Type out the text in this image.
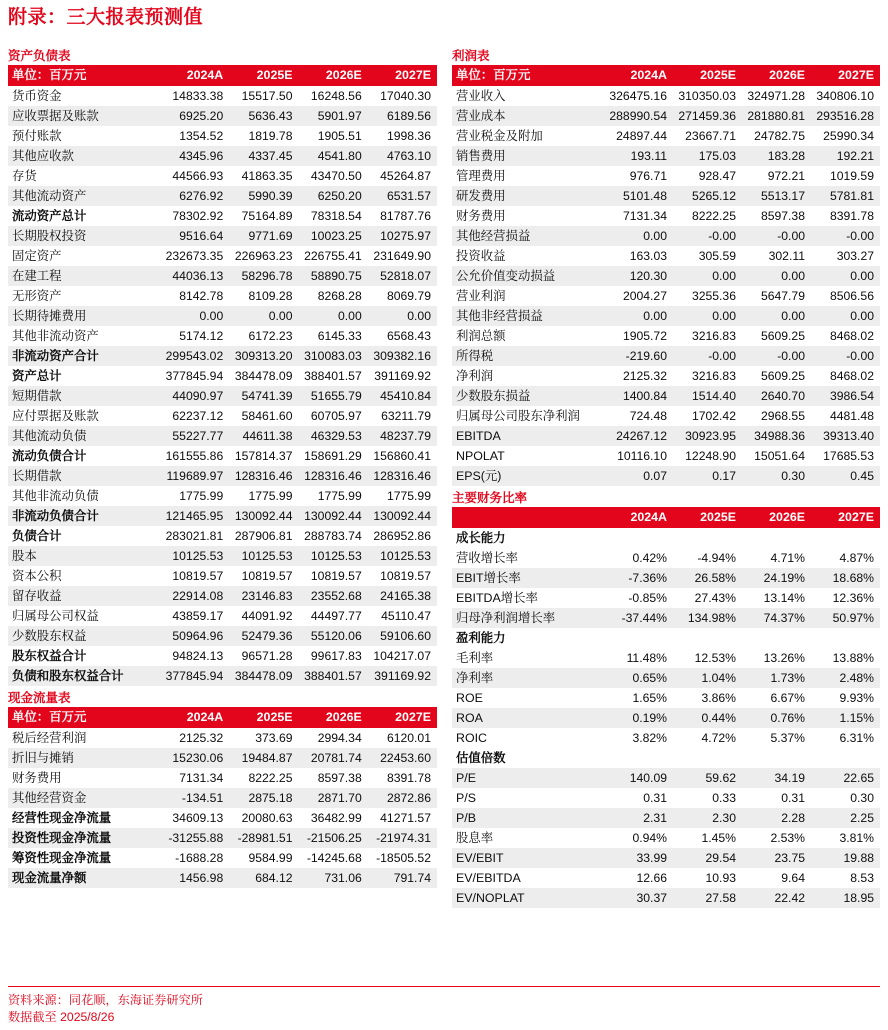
附录：三大报表预测值
资产负债表
单位：百万元	2024A	2025E	2026E	2027E
货币资金	14833.38	15517.50	16248.56	17040.30
应收票据及账款	6925.20	5636.43	5901.97	6189.56
预付账款	1354.52	1819.78	1905.51	1998.36
其他应收款	4345.96	4337.45	4541.80	4763.10
存货	44566.93	41863.35	43470.50	45264.87
其他流动资产	6276.92	5990.39	6250.20	6531.57
流动资产总计	78302.92	75164.89	78318.54	81787.76
长期股权投资	9516.64	9771.69	10023.25	10275.97
固定资产	232673.35	226963.23	226755.41	231649.90
在建工程	44036.13	58296.78	58890.75	52818.07
无形资产	8142.78	8109.28	8268.28	8069.79
长期待摊费用	0.00	0.00	0.00	0.00
其他非流动资产	5174.12	6172.23	6145.33	6568.43
非流动资产合计	299543.02	309313.20	310083.03	309382.16
资产总计	377845.94	384478.09	388401.57	391169.92
短期借款	44090.97	54741.39	51655.79	45410.84
应付票据及账款	62237.12	58461.60	60705.97	63211.79
其他流动负债	55227.77	44611.38	46329.53	48237.79
流动负债合计	161555.86	157814.37	158691.29	156860.41
长期借款	119689.97	128316.46	128316.46	128316.46
其他非流动负债	1775.99	1775.99	1775.99	1775.99
非流动负债合计	121465.95	130092.44	130092.44	130092.44
负债合计	283021.81	287906.81	288783.74	286952.86
股本	10125.53	10125.53	10125.53	10125.53
资本公积	10819.57	10819.57	10819.57	10819.57
留存收益	22914.08	23146.83	23552.68	24165.38
归属母公司权益	43859.17	44091.92	44497.77	45110.47
少数股东权益	50964.96	52479.36	55120.06	59106.60
股东权益合计	94824.13	96571.28	99617.83	104217.07
负债和股东权益合计	377845.94	384478.09	388401.57	391169.92
现金流量表
单位：百万元	2024A	2025E	2026E	2027E
税后经营利润	2125.32	373.69	2994.34	6120.01
折旧与摊销	15230.06	19484.87	20781.74	22453.60
财务费用	7131.34	8222.25	8597.38	8391.78
其他经营资金	-134.51	2875.18	2871.70	2872.86
经营性现金净流量	34609.13	20080.63	36482.99	41271.57
投资性现金净流量	-31255.88	-28981.51	-21506.25	-21974.31
筹资性现金净流量	-1688.28	9584.99	-14245.68	-18505.52
现金流量净额	1456.98	684.12	731.06	791.74
利润表
单位：百万元	2024A	2025E	2026E	2027E
营业收入	326475.16	310350.03	324971.28	340806.10
营业成本	288990.54	271459.36	281880.81	293516.28
营业税金及附加	24897.44	23667.71	24782.75	25990.34
销售费用	193.11	175.03	183.28	192.21
管理费用	976.71	928.47	972.21	1019.59
研发费用	5101.48	5265.12	5513.17	5781.81
财务费用	7131.34	8222.25	8597.38	8391.78
其他经营损益	0.00	-0.00	-0.00	-0.00
投资收益	163.03	305.59	302.11	303.27
公允价值变动损益	120.30	0.00	0.00	0.00
营业利润	2004.27	3255.36	5647.79	8506.56
其他非经营损益	0.00	0.00	0.00	0.00
利润总额	1905.72	3216.83	5609.25	8468.02
所得税	-219.60	-0.00	-0.00	-0.00
净利润	2125.32	3216.83	5609.25	8468.02
少数股东损益	1400.84	1514.40	2640.70	3986.54
归属母公司股东净利润	724.48	1702.42	2968.55	4481.48
EBITDA	24267.12	30923.95	34988.36	39313.40
NPOLAT	10116.10	12248.90	15051.64	17685.53
EPS(元)	0.07	0.17	0.30	0.45
主要财务比率
	2024A	2025E	2026E	2027E
成长能力				
营收增长率	0.42%	-4.94%	4.71%	4.87%
EBIT增长率	-7.36%	26.58%	24.19%	18.68%
EBITDA增长率	-0.85%	27.43%	13.14%	12.36%
归母净利润增长率	-37.44%	134.98%	74.37%	50.97%
盈利能力				
毛利率	11.48%	12.53%	13.26%	13.88%
净利率	0.65%	1.04%	1.73%	2.48%
ROE	1.65%	3.86%	6.67%	9.93%
ROA	0.19%	0.44%	0.76%	1.15%
ROIC	3.82%	4.72%	5.37%	6.31%
估值倍数				
P/E	140.09	59.62	34.19	22.65
P/S	0.31	0.33	0.31	0.30
P/B	2.31	2.30	2.28	2.25
股息率	0.94%	1.45%	2.53%	3.81%
EV/EBIT	33.99	29.54	23.75	19.88
EV/EBITDA	12.66	10.93	9.64	8.53
EV/NOPLAT	30.37	27.58	22.42	18.95
资料来源：同花顺，东海证券研究所
数据截至 2025/8/26
